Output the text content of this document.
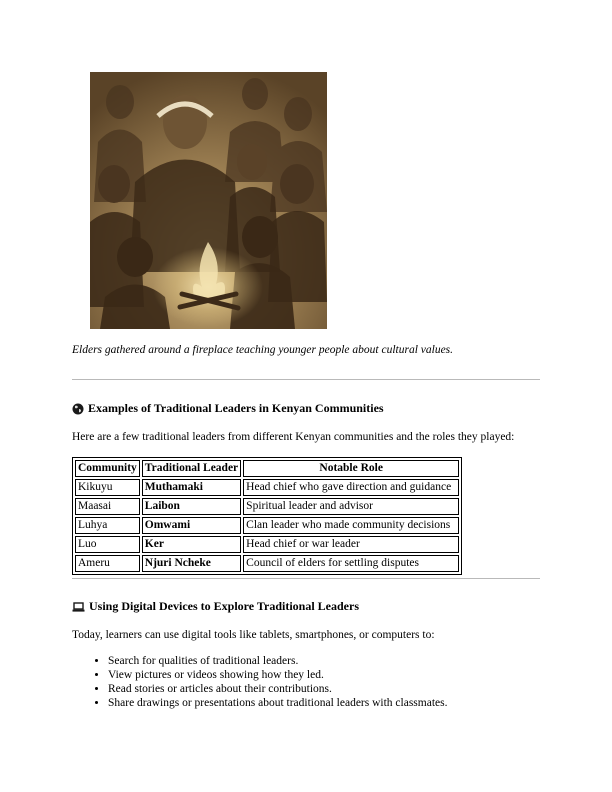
Elders gathered around a fireplace teaching younger people about cultural values.
Examples of Traditional Leaders in Kenyan Communities
Here are a few traditional leaders from different Kenyan communities and the roles they played:
Community	Traditional Leader	Notable Role
Kikuyu	Muthamaki	Head chief who gave direction and guidance
Maasai	Laibon	Spiritual leader and advisor
Luhya	Omwami	Clan leader who made community decisions
Luo	Ker	Head chief or war leader
Ameru	Njuri Ncheke	Council of elders for settling disputes
Using Digital Devices to Explore Traditional Leaders
Today, learners can use digital tools like tablets, smartphones, or computers to:
• Search for qualities of traditional leaders.
• View pictures or videos showing how they led.
• Read stories or articles about their contributions.
• Share drawings or presentations about traditional leaders with classmates.
